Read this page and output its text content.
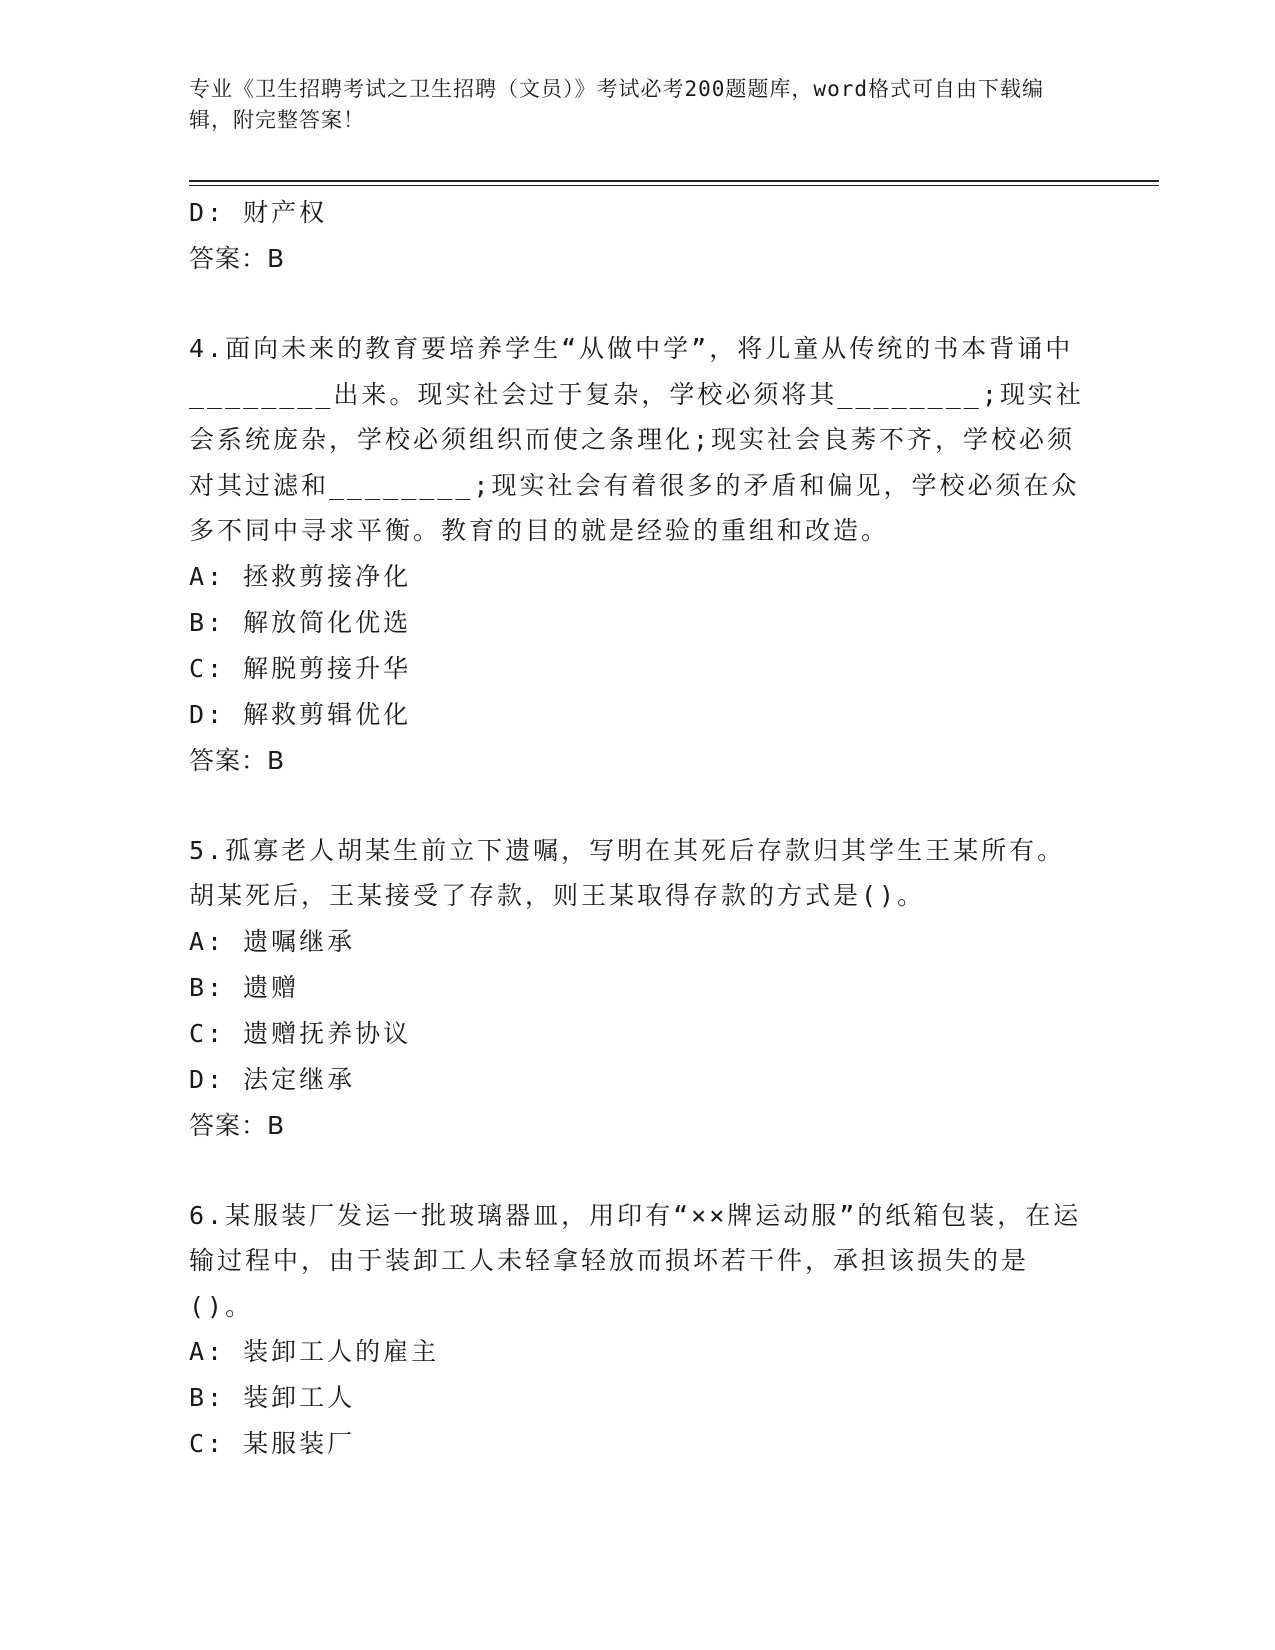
专业《卫生招聘考试之卫生招聘（文员）》考试必考200题题库，word格式可自由下载编辑，附完整答案！
D: 财产权
答案：B
4.面向未来的教育要培养学生“从做中学”，将儿童从传统的书本背诵中________出来。现实社会过于复杂，学校必须将其________;现实社会系统庞杂，学校必须组织而使之条理化;现实社会良莠不齐，学校必须对其过滤和________;现实社会有着很多的矛盾和偏见，学校必须在众多不同中寻求平衡。教育的目的就是经验的重组和改造。
A: 拯救剪接净化
B: 解放简化优选
C: 解脱剪接升华
D: 解救剪辑优化
答案：B
5.孤寡老人胡某生前立下遗嘱，写明在其死后存款归其学生王某所有。胡某死后，王某接受了存款，则王某取得存款的方式是()。
A: 遗嘱继承
B: 遗赠
C: 遗赠抚养协议
D: 法定继承
答案：B
6.某服装厂发运一批玻璃器皿，用印有“××牌运动服”的纸箱包装，在运输过程中，由于装卸工人未轻拿轻放而损坏若干件，承担该损失的是()。
A: 装卸工人的雇主
B: 装卸工人
C: 某服装厂
